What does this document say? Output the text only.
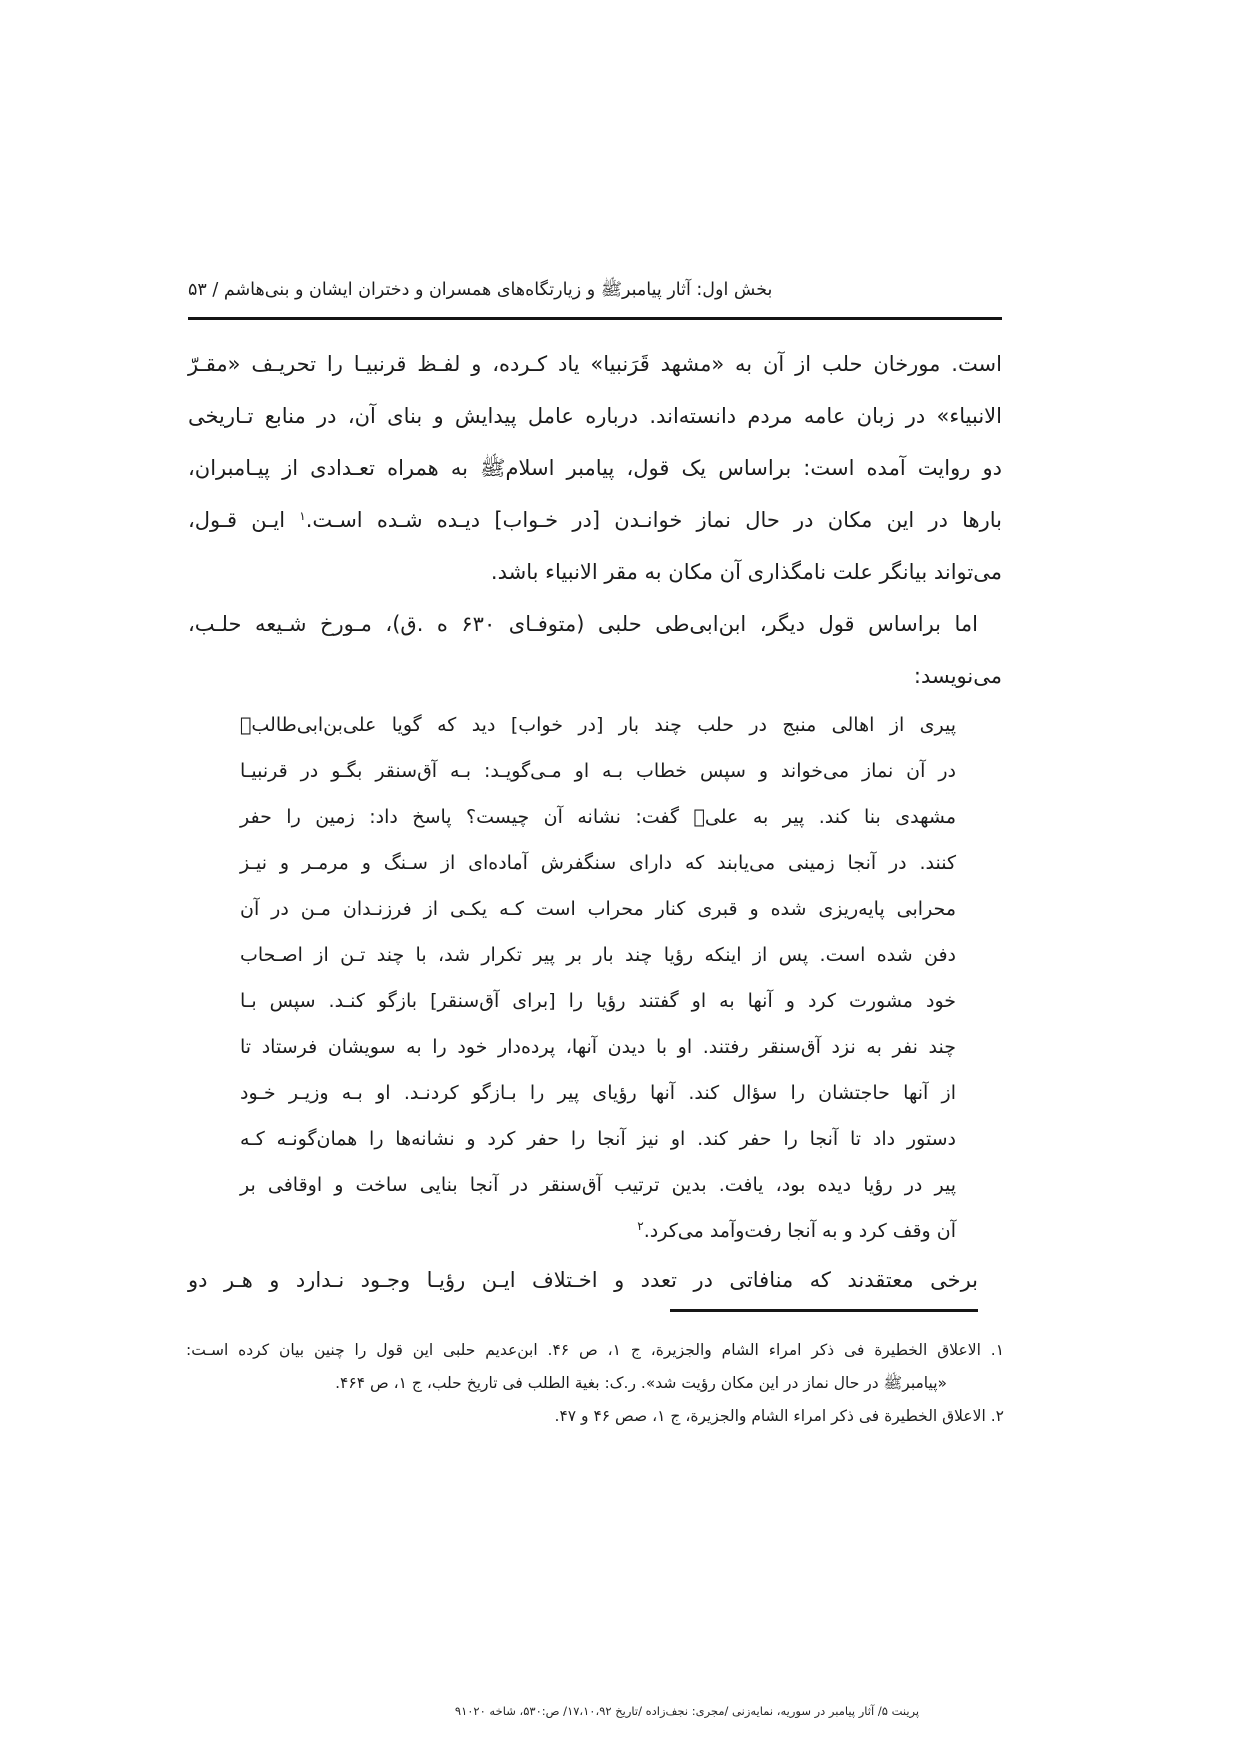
بخش اول: آثار پیامبرﷺ و زیارتگاه‌های همسران و دختران ایشان و بنی‌هاشم / ۵۳
است. مورخان حلب از آن به «مشهد قَرَنبیا» یاد کـرده، و لفـظ قرنبیـا را تحریـف «مقـرّ
الانبیاء» در زبان عامه مردم دانسته‌اند. درباره عامل پیدایش و بنای آن، در منابع تـاریخی
دو روایت آمده است: براساس یک قول، پیامبر اسلامﷺ به همراه تعـدادی از پیـامبران،
بارها در این مکان در حال نماز خوانـدن [در خـواب] دیـده شـده اسـت.$^۱$ ایـن قـول،
می‌تواند بیانگر علت نامگذاری آن مکان به مقر الانبیاء باشد.
اما براساس قول دیگر، ابن‌ابی‌طی حلبی (متوفـای ۶۳۰ ه .ق)، مـورخ شـیعه حلـب،
می‌نویسد:
پیری از اهالی منبج در حلب چند بار [در خواب] دید که گویا علی‌بن‌ابی‌طالبؑ
در آن نماز می‌خواند و سپس خطاب بـه او مـی‌گویـد: بـه آق‌سنقر بگـو در قرنبیـا
مشهدی بنا کند. پیر به علیؑ گفت: نشانه آن چیست؟ پاسخ داد: زمین را حفر
کنند. در آنجا زمینی می‌یابند که دارای سنگفرش آماده‌ای از سـنگ و مرمـر و نیـز
محرابی پایه‌ریزی شده و قبری کنار محراب است کـه یکـی از فرزنـدان مـن در آن
دفن شده است. پس از اینکه رؤیا چند بار بر پیر تکرار شد، با چند تـن از اصـحاب
خود مشورت کرد و آنها به او گفتند رؤیا را [برای آق‌سنقر] بازگو کنـد. سپس بـا
چند نفر به نزد آق‌سنقر رفتند. او با دیدن آنها، پرده‌دار خود را به سویشان فرستاد تا
از آنها حاجتشان را سؤال کند. آنها رؤیای پیر را بـازگو کردنـد. او بـه وزیـر خـود
دستور داد تا آنجا را حفر کند. او نیز آنجا را حفر کرد و نشانه‌ها را همان‌گونـه کـه
پیر در رؤیا دیده بود، یافت. بدین ترتیب آق‌سنقر در آنجا بنایی ساخت و اوقافی بر
آن وقف کرد و به آنجا رفت‌وآمد می‌کرد.$^۲$
برخی معتقدند که منافاتی در تعدد و اخـتلاف ایـن رؤیـا وجـود نـدارد و هـر دو
۱. الاعلاق الخطیرة فی ذکر امراء الشام والجزیرة، ج ۱، ص ۴۶. ابن‌عدیم حلبی این قول را چنین بیان کرده اسـت:
«پیامبرﷺ در حال نماز در این مکان رؤیت شد». ر.ک: بغیة الطلب فی تاریخ حلب، ج ۱، ص ۴۶۴.
۲. الاعلاق الخطیرة فی ذکر امراء الشام والجزیرة، ج ۱، صص ۴۶ و ۴۷.
پرینت ۵/ آثار پیامبر در سوریه، نمایه‌زنی /مجری: نجف‌زاده /تاریخ ۱۷،۱۰،۹۲/ ص:۵۳۰، شاخه ۹۱۰۲۰
